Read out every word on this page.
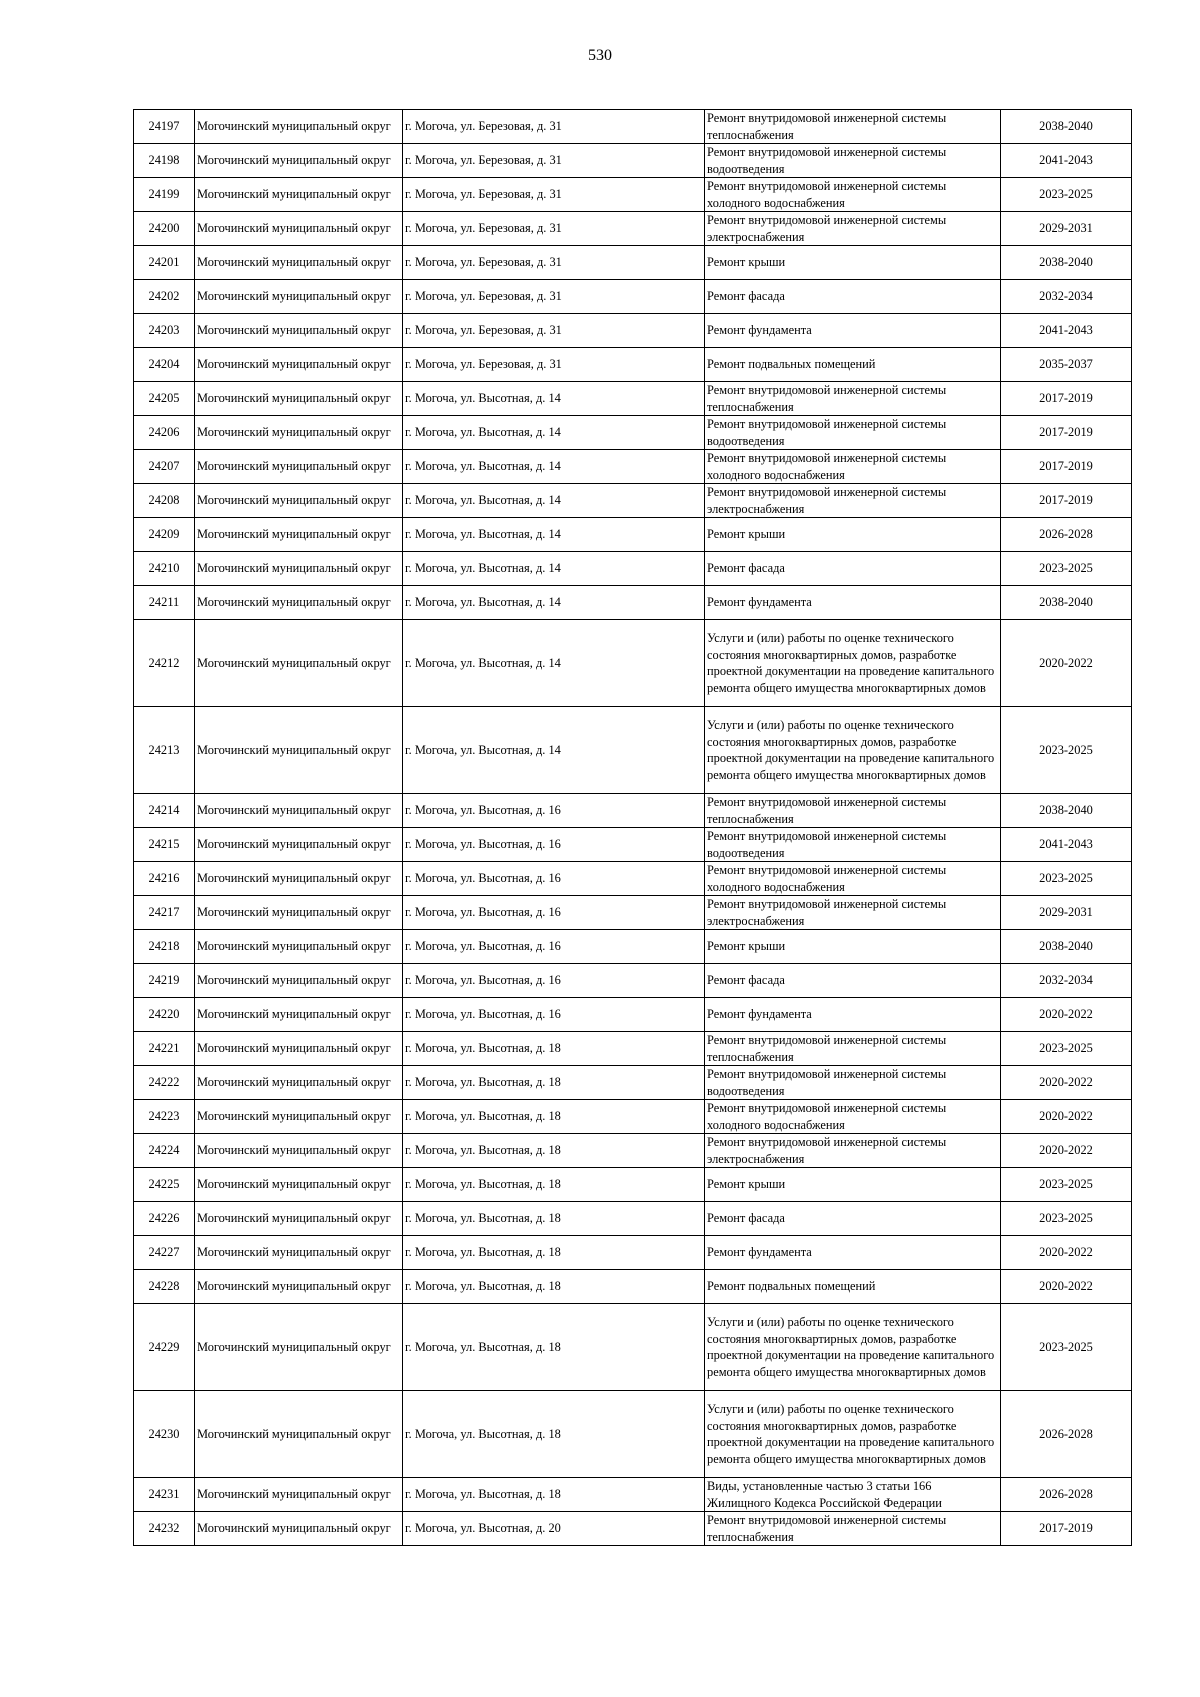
530
24197	Могочинский муниципальный округ	г. Могоча, ул. Березовая, д. 31	Ремонт внутридомовой инженерной системы теплоснабжения	2038-2040
24198	Могочинский муниципальный округ	г. Могоча, ул. Березовая, д. 31	Ремонт внутридомовой инженерной системы водоотведения	2041-2043
24199	Могочинский муниципальный округ	г. Могоча, ул. Березовая, д. 31	Ремонт внутридомовой инженерной системы холодного водоснабжения	2023-2025
24200	Могочинский муниципальный округ	г. Могоча, ул. Березовая, д. 31	Ремонт внутридомовой инженерной системы электроснабжения	2029-2031
24201	Могочинский муниципальный округ	г. Могоча, ул. Березовая, д. 31	Ремонт крыши	2038-2040
24202	Могочинский муниципальный округ	г. Могоча, ул. Березовая, д. 31	Ремонт фасада	2032-2034
24203	Могочинский муниципальный округ	г. Могоча, ул. Березовая, д. 31	Ремонт фундамента	2041-2043
24204	Могочинский муниципальный округ	г. Могоча, ул. Березовая, д. 31	Ремонт подвальных помещений	2035-2037
24205	Могочинский муниципальный округ	г. Могоча, ул. Высотная, д. 14	Ремонт внутридомовой инженерной системы теплоснабжения	2017-2019
24206	Могочинский муниципальный округ	г. Могоча, ул. Высотная, д. 14	Ремонт внутридомовой инженерной системы водоотведения	2017-2019
24207	Могочинский муниципальный округ	г. Могоча, ул. Высотная, д. 14	Ремонт внутридомовой инженерной системы холодного водоснабжения	2017-2019
24208	Могочинский муниципальный округ	г. Могоча, ул. Высотная, д. 14	Ремонт внутридомовой инженерной системы электроснабжения	2017-2019
24209	Могочинский муниципальный округ	г. Могоча, ул. Высотная, д. 14	Ремонт крыши	2026-2028
24210	Могочинский муниципальный округ	г. Могоча, ул. Высотная, д. 14	Ремонт фасада	2023-2025
24211	Могочинский муниципальный округ	г. Могоча, ул. Высотная, д. 14	Ремонт фундамента	2038-2040
24212	Могочинский муниципальный округ	г. Могоча, ул. Высотная, д. 14	Услуги и (или) работы по оценке технического состояния многоквартирных домов, разработке проектной документации на проведение капитального ремонта общего имущества многоквартирных домов	2020-2022
24213	Могочинский муниципальный округ	г. Могоча, ул. Высотная, д. 14	Услуги и (или) работы по оценке технического состояния многоквартирных домов, разработке проектной документации на проведение капитального ремонта общего имущества многоквартирных домов	2023-2025
24214	Могочинский муниципальный округ	г. Могоча, ул. Высотная, д. 16	Ремонт внутридомовой инженерной системы теплоснабжения	2038-2040
24215	Могочинский муниципальный округ	г. Могоча, ул. Высотная, д. 16	Ремонт внутридомовой инженерной системы водоотведения	2041-2043
24216	Могочинский муниципальный округ	г. Могоча, ул. Высотная, д. 16	Ремонт внутридомовой инженерной системы холодного водоснабжения	2023-2025
24217	Могочинский муниципальный округ	г. Могоча, ул. Высотная, д. 16	Ремонт внутридомовой инженерной системы электроснабжения	2029-2031
24218	Могочинский муниципальный округ	г. Могоча, ул. Высотная, д. 16	Ремонт крыши	2038-2040
24219	Могочинский муниципальный округ	г. Могоча, ул. Высотная, д. 16	Ремонт фасада	2032-2034
24220	Могочинский муниципальный округ	г. Могоча, ул. Высотная, д. 16	Ремонт фундамента	2020-2022
24221	Могочинский муниципальный округ	г. Могоча, ул. Высотная, д. 18	Ремонт внутридомовой инженерной системы теплоснабжения	2023-2025
24222	Могочинский муниципальный округ	г. Могоча, ул. Высотная, д. 18	Ремонт внутридомовой инженерной системы водоотведения	2020-2022
24223	Могочинский муниципальный округ	г. Могоча, ул. Высотная, д. 18	Ремонт внутридомовой инженерной системы холодного водоснабжения	2020-2022
24224	Могочинский муниципальный округ	г. Могоча, ул. Высотная, д. 18	Ремонт внутридомовой инженерной системы электроснабжения	2020-2022
24225	Могочинский муниципальный округ	г. Могоча, ул. Высотная, д. 18	Ремонт крыши	2023-2025
24226	Могочинский муниципальный округ	г. Могоча, ул. Высотная, д. 18	Ремонт фасада	2023-2025
24227	Могочинский муниципальный округ	г. Могоча, ул. Высотная, д. 18	Ремонт фундамента	2020-2022
24228	Могочинский муниципальный округ	г. Могоча, ул. Высотная, д. 18	Ремонт подвальных помещений	2020-2022
24229	Могочинский муниципальный округ	г. Могоча, ул. Высотная, д. 18	Услуги и (или) работы по оценке технического состояния многоквартирных домов, разработке проектной документации на проведение капитального ремонта общего имущества многоквартирных домов	2023-2025
24230	Могочинский муниципальный округ	г. Могоча, ул. Высотная, д. 18	Услуги и (или) работы по оценке технического состояния многоквартирных домов, разработке проектной документации на проведение капитального ремонта общего имущества многоквартирных домов	2026-2028
24231	Могочинский муниципальный округ	г. Могоча, ул. Высотная, д. 18	Виды, установленные частью 3 статьи 166 Жилищного Кодекса Российской Федерации	2026-2028
24232	Могочинский муниципальный округ	г. Могоча, ул. Высотная, д. 20	Ремонт внутридомовой инженерной системы теплоснабжения	2017-2019
